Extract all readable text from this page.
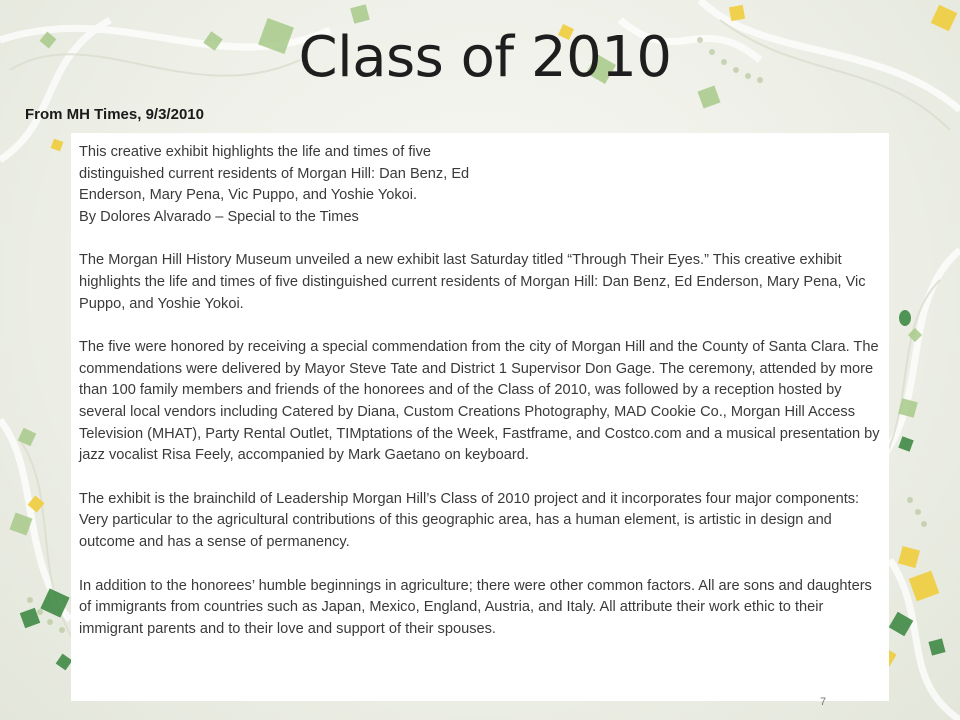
Class of 2010
From MH Times, 9/3/2010
This creative exhibit highlights the life and times of five
distinguished current residents of Morgan Hill: Dan Benz, Ed
Enderson, Mary Pena, Vic Puppo, and Yoshie Yokoi.
By Dolores Alvarado – Special to the Times

The Morgan Hill History Museum unveiled a new exhibit last Saturday titled “Through Their Eyes.” This creative exhibit highlights the life and times of five distinguished current residents of Morgan Hill: Dan Benz, Ed Enderson, Mary Pena, Vic Puppo, and Yoshie Yokoi.

The five were honored by receiving a special commendation from the city of Morgan Hill and the County of Santa Clara. The commendations were delivered by Mayor Steve Tate and District 1 Supervisor Don Gage. The ceremony, attended by more than 100 family members and friends of the honorees and of the Class of 2010, was followed by a reception hosted by several local vendors including Catered by Diana, Custom Creations Photography, MAD Cookie Co., Morgan Hill Access Television (MHAT), Party Rental Outlet, TIMptations of the Week, Fastframe, and Costco.com and a musical presentation by jazz vocalist Risa Feely, accompanied by Mark Gaetano on keyboard.

The exhibit is the brainchild of Leadership Morgan Hill’s Class of 2010 project and it incorporates four major components: Very particular to the agricultural contributions of this geographic area, has a human element, is artistic in design and outcome and has a sense of permanency.

In addition to the honorees’ humble beginnings in agriculture; there were other common factors. All are sons and daughters of immigrants from countries such as Japan, Mexico, England, Austria, and Italy. All attribute their work ethic to their immigrant parents and to their love and support of their spouses.

7
